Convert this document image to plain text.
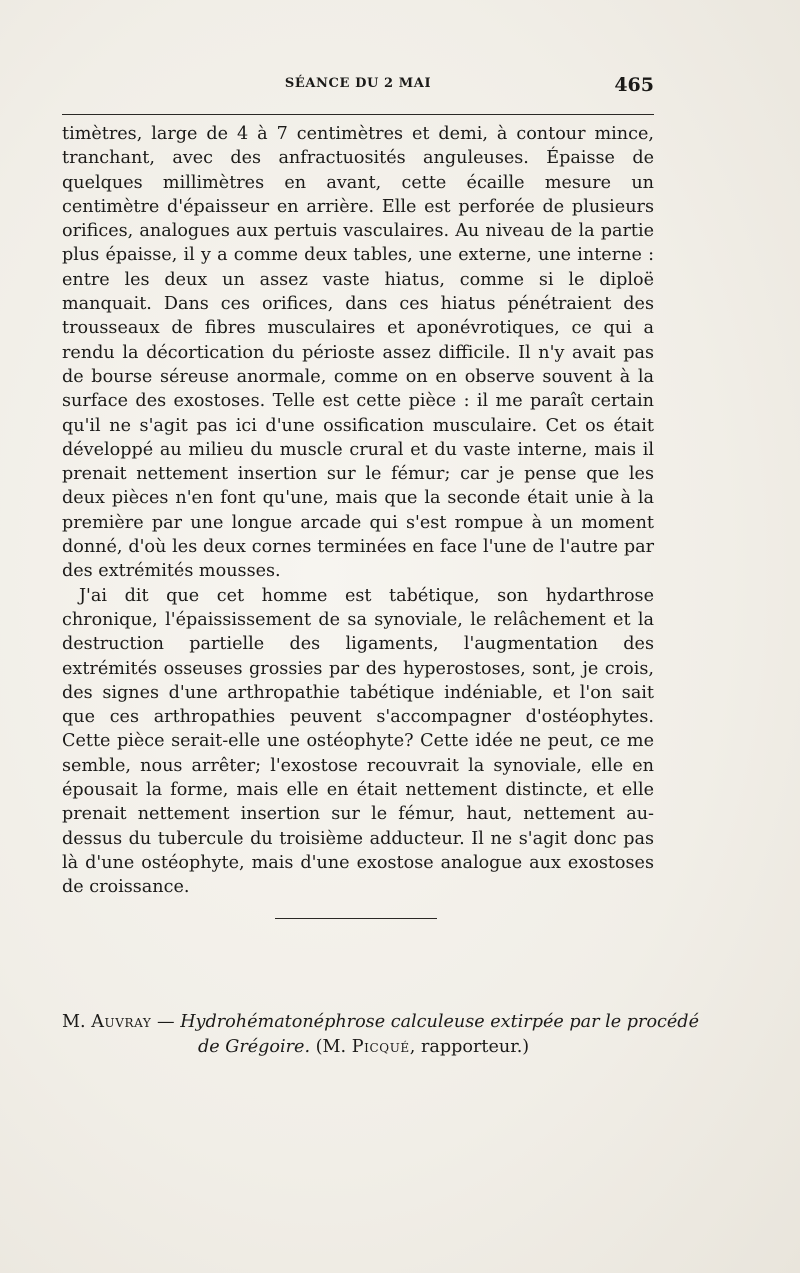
SÉANCE DU 2 MAI	465

timètres, large de 4 à 7 centimètres et demi, à contour mince, tranchant, avec des anfractuosités anguleuses. Épaisse de quelques millimètres en avant, cette écaille mesure un centimètre d'épaisseur en arrière. Elle est perforée de plusieurs orifices, analogues aux pertuis vasculaires. Au niveau de la partie plus épaisse, il y a comme deux tables, une externe, une interne : entre les deux un assez vaste hiatus, comme si le diploë manquait. Dans ces orifices, dans ces hiatus pénétraient des trousseaux de fibres musculaires et aponévrotiques, ce qui a rendu la décortication du périoste assez difficile. Il n'y avait pas de bourse séreuse anormale, comme on en observe souvent à la surface des exostoses. Telle est cette pièce : il me paraît certain qu'il ne s'agit pas ici d'une ossification musculaire. Cet os était développé au milieu du muscle crural et du vaste interne, mais il prenait nettement insertion sur le fémur; car je pense que les deux pièces n'en font qu'une, mais que la seconde était unie à la première par une longue arcade qui s'est rompue à un moment donné, d'où les deux cornes terminées en face l'une de l'autre par des extrémités mousses.

J'ai dit que cet homme est tabétique, son hydarthrose chronique, l'épaississement de sa synoviale, le relâchement et la destruction partielle des ligaments, l'augmentation des extrémités osseuses grossies par des hyperostoses, sont, je crois, des signes d'une arthropathie tabétique indéniable, et l'on sait que ces arthropathies peuvent s'accompagner d'ostéophytes. Cette pièce serait-elle une ostéophyte? Cette idée ne peut, ce me semble, nous arrêter; l'exostose recouvrait la synoviale, elle en épousait la forme, mais elle en était nettement distincte, et elle prenait nettement insertion sur le fémur, haut, nettement au-dessus du tubercule du troisième adducteur. Il ne s'agit donc pas là d'une ostéophyte, mais d'une exostose analogue aux exostoses de croissance.

M. Auvray — Hydrohématonéphrose calculeuse extirpée par le procédé
de Grégoire. (M. Picqué, rapporteur.)
